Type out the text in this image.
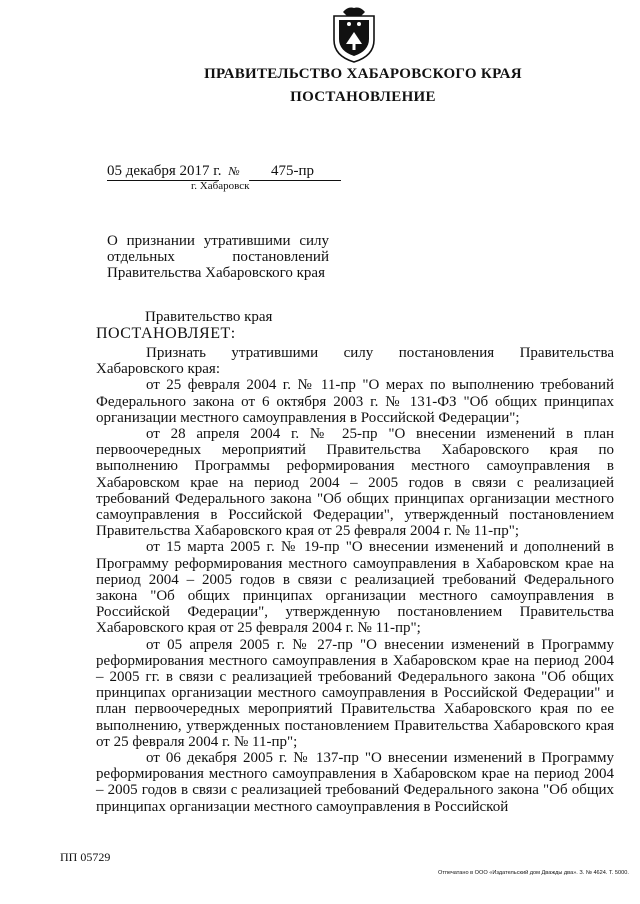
ПРАВИТЕЛЬСТВО ХАБАРОВСКОГО КРАЯ
ПОСТАНОВЛЕНИЕ
05 декабря 2017 г. № 475-пр
г. Хабаровск
О признании утратившими силу отдельных постановлений Правительства Хабаровского края
Правительство края
ПОСТАНОВЛЯЕТ:

Признать утратившими силу постановления Правительства Хабаровского края:

от 25 февраля 2004 г. № 11-пр "О мерах по выполнению требований Федерального закона от 6 октября 2003 г. № 131-ФЗ "Об общих принципах организации местного самоуправления в Российской Федерации";

от 28 апреля 2004 г. № 25-пр "О внесении изменений в план первоочередных мероприятий Правительства Хабаровского края по выполнению Программы реформирования местного самоуправления в Хабаровском крае на период 2004 – 2005 годов в связи с реализацией требований Федерального закона "Об общих принципах организации местного самоуправления в Российской Федерации", утвержденный постановлением Правительства Хабаровского края от 25 февраля 2004 г. № 11-пр";

от 15 марта 2005 г. № 19-пр "О внесении изменений и дополнений в Программу реформирования местного самоуправления в Хабаровском крае на период 2004 – 2005 годов в связи с реализацией требований Федерального закона "Об общих принципах организации местного самоуправления в Российской Федерации", утвержденную постановлением Правительства Хабаровского края от 25 февраля 2004 г. № 11-пр";

от 05 апреля 2005 г. № 27-пр "О внесении изменений в Программу реформирования местного самоуправления в Хабаровском крае на период 2004 – 2005 гг. в связи с реализацией требований Федерального закона "Об общих принципах организации местного самоуправления в Российской Федерации" и план первоочередных мероприятий Правительства Хабаровского края по ее выполнению, утвержденных постановлением Правительства Хабаровского края от 25 февраля 2004 г. № 11-пр";

от 06 декабря 2005 г. № 137-пр "О внесении изменений в Программу реформирования местного самоуправления в Хабаровском крае на период 2004 – 2005 годов в связи с реализацией требований Федерального закона "Об общих принципах организации местного самоуправления в Российской

ПП 05729
Отпечатано в ООО «Издательский дом Дважды два». З. № 4624. Т. 5000.
